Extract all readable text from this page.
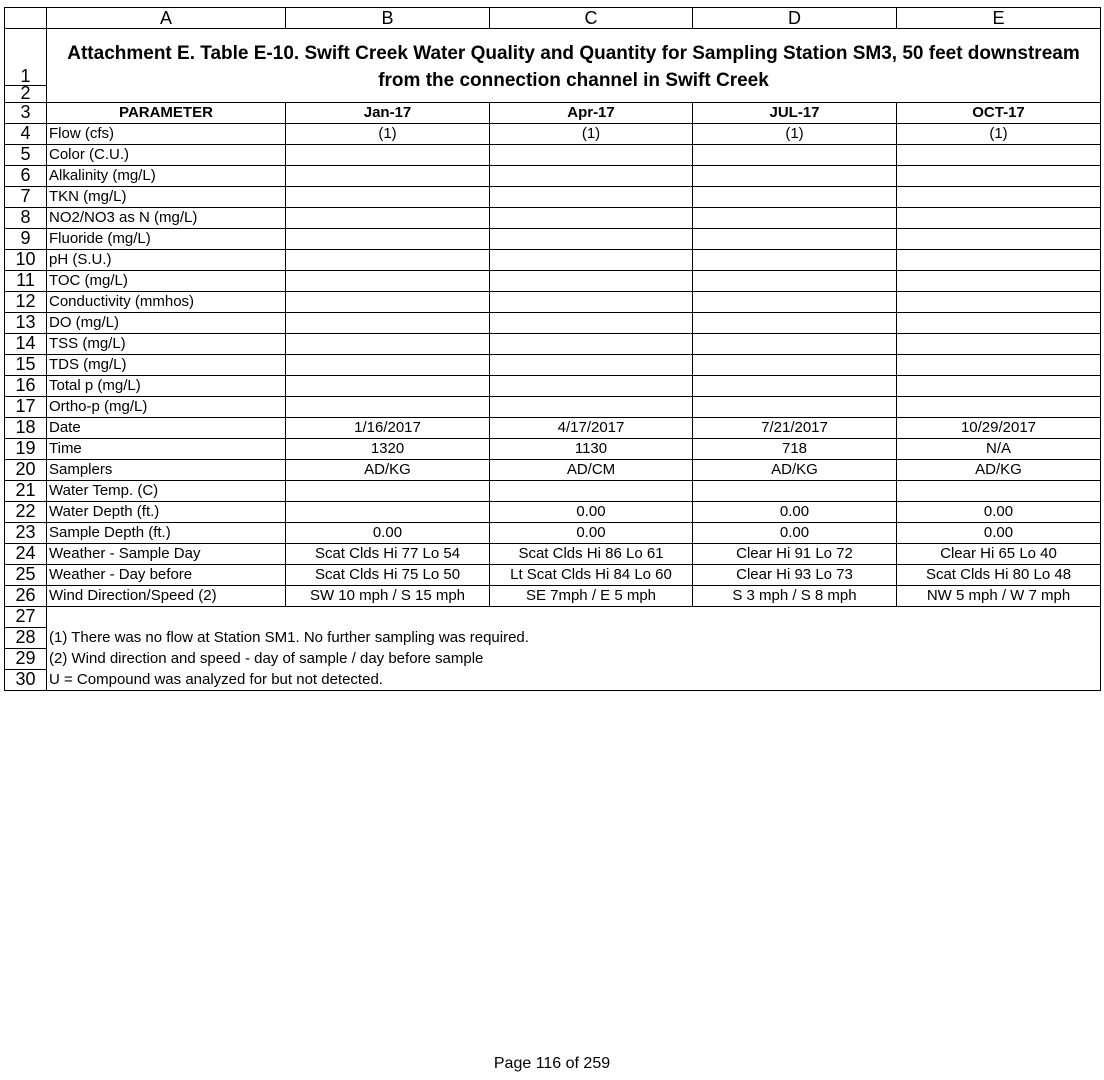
	A	B	C	D	E
1	Attachment E. Table E-10. Swift Creek Water Quality and Quantity for Sampling Station SM3, 50 feet downstream from the connection channel in Swift Creek				
2					
3	PARAMETER	Jan-17	Apr-17	JUL-17	OCT-17
4	Flow (cfs)	(1)	(1)	(1)	(1)
5	Color (C.U.)				
6	Alkalinity (mg/L)				
7	TKN (mg/L)				
8	NO2/NO3 as N (mg/L)				
9	Fluoride (mg/L)				
10	pH (S.U.)				
11	TOC (mg/L)				
12	Conductivity (mmhos)				
13	DO (mg/L)				
14	TSS (mg/L)				
15	TDS (mg/L)				
16	Total p (mg/L)				
17	Ortho-p (mg/L)				
18	Date	1/16/2017	4/17/2017	7/21/2017	10/29/2017
19	Time	1320	1130	718	N/A
20	Samplers	AD/KG	AD/CM	AD/KG	AD/KG
21	Water Temp. (C)				
22	Water Depth (ft.)		0.00	0.00	0.00
23	Sample Depth (ft.)	0.00	0.00	0.00	0.00
24	Weather - Sample Day	Scat Clds Hi 77 Lo 54	Scat Clds Hi 86 Lo 61	Clear Hi 91 Lo 72	Clear Hi 65 Lo 40
25	Weather - Day before	Scat Clds Hi 75 Lo 50	Lt Scat Clds Hi 84 Lo 60	Clear Hi 93 Lo 73	Scat Clds Hi 80 Lo 48
26	Wind Direction/Speed (2)	SW 10 mph / S 15 mph	SE 7mph / E 5 mph	S 3 mph / S 8 mph	NW 5 mph / W 7 mph
27					
28	(1) There was no flow at Station SM1. No further sampling was required.				
29	(2) Wind direction and speed - day of sample / day before sample				
30	U = Compound was analyzed for but not detected.				
Page 116 of 259
